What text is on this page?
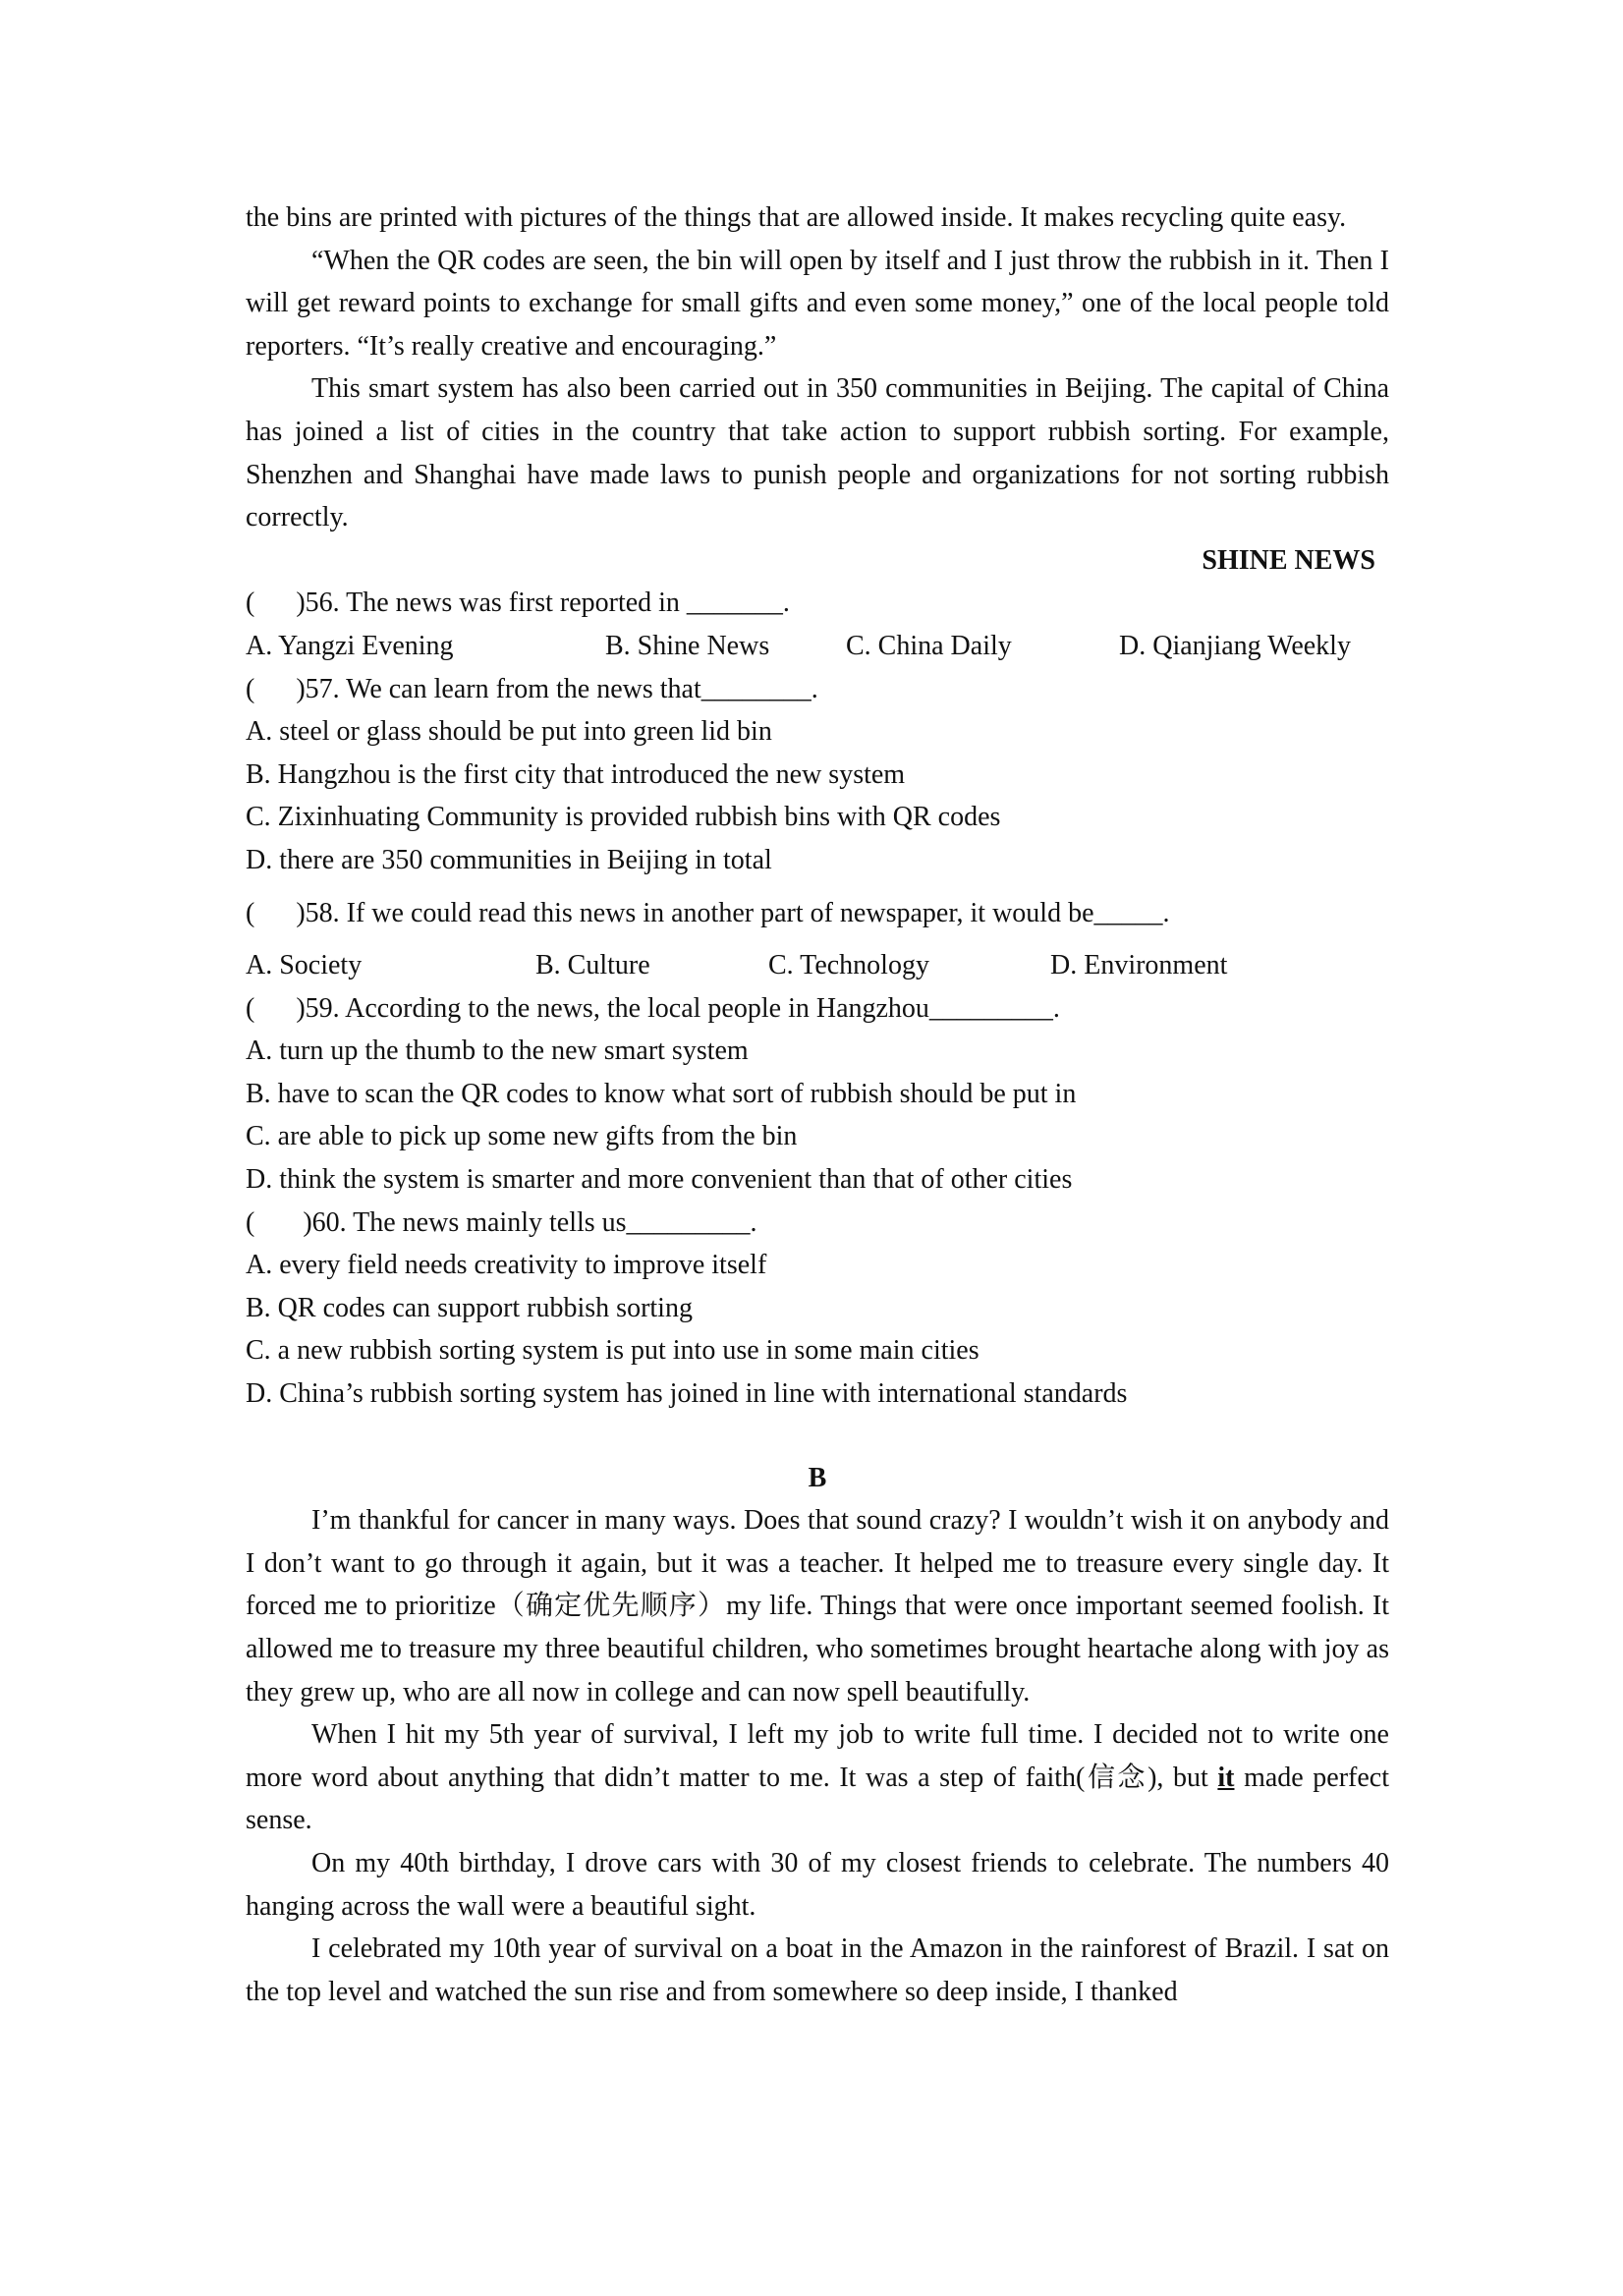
the bins are printed with pictures of the things that are allowed inside. It makes recycling quite easy.

“When the QR codes are seen, the bin will open by itself and I just throw the rubbish in it. Then I will get reward points to exchange for small gifts and even some money,” one of the local people told reporters. “It’s really creative and encouraging.”

This smart system has also been carried out in 350 communities in Beijing. The capital of China has joined a list of cities in the country that take action to support rubbish sorting. For example, Shenzhen and Shanghai have made laws to punish people and organizations for not sorting rubbish correctly.

SHINE NEWS

(      )56. The news was first reported in _______.

A. Yangzi Evening	B. Shine News	C. China Daily	D. Qianjiang Weekly

(      )57. We can learn from the news that________.

A. steel or glass should be put into green lid bin

B. Hangzhou is the first city that introduced the new system

C. Zixinhuating Community is provided rubbish bins with QR codes

D. there are 350 communities in Beijing in total

(      )58. If we could read this news in another part of newspaper, it would be_____.

A. Society	B. Culture	C. Technology	D. Environment

(      )59. According to the news, the local people in Hangzhou_________.

A. turn up the thumb to the new smart system

B. have to scan the QR codes to know what sort of rubbish should be put in

C. are able to pick up some new gifts from the bin

D. think the system is smarter and more convenient than that of other cities

(       )60. The news mainly tells us_________.

A. every field needs creativity to improve itself

B. QR codes can support rubbish sorting

C. a new rubbish sorting system is put into use in some main cities

D. China’s rubbish sorting system has joined in line with international standards

B

I’m thankful for cancer in many ways. Does that sound crazy? I wouldn’t wish it on anybody and I don’t want to go through it again, but it was a teacher. It helped me to treasure every single day. It forced me to prioritize（确定优先顺序）my life. Things that were once important seemed foolish. It allowed me to treasure my three beautiful children, who sometimes brought heartache along with joy as they grew up, who are all now in college and can now spell beautifully.

When I hit my 5th year of survival, I left my job to write full time. I decided not to write one more word about anything that didn’t matter to me. It was a step of faith(信念), but it made perfect sense.

On my 40th birthday, I drove cars with 30 of my closest friends to celebrate. The numbers 40 hanging across the wall were a beautiful sight.

I celebrated my 10th year of survival on a boat in the Amazon in the rainforest of Brazil. I sat on the top level and watched the sun rise and from somewhere so deep inside, I thanked
